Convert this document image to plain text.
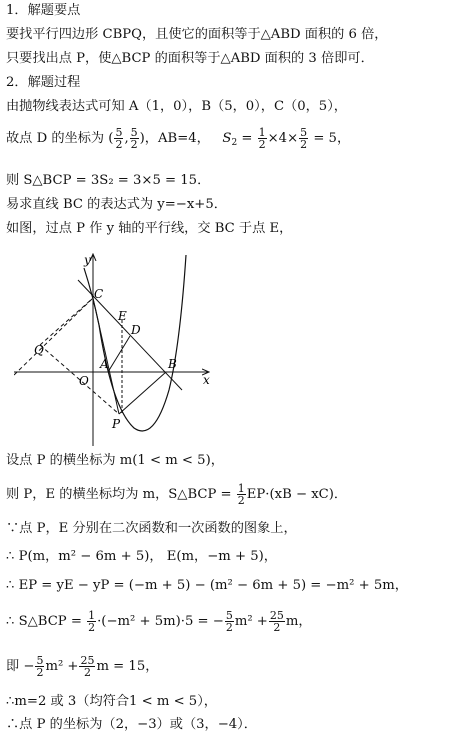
1．解题要点
要找平行四边形 CBPQ，且使它的面积等于△ABD 面积的 6 倍，
只要找出点 P，使△BCP 的面积等于△ABD 面积的 3 倍即可．
2．解题过程
由抛物线表达式可知 A（1，0），B（5，0），C（0，5），
故点 D 的坐标为 ( $\frac{5}{2}$ , $\frac{5}{2}$ )，AB=4， $S_2 = \frac{1}{2} \times 4\times \frac{5}{2} = 5$，
则 S△BCP = 3S₂ = 3×5 = 15．
易求直线 BC 的表达式为 y=−x+5．
如图，过点 P 作 y 轴的平行线，交 BC 于点 E，
y
x
C
E
D
Q
A
O
B
P
设点 P 的横坐标为 m(1 < m < 5)，
则 P，E 的横坐标均为 m，S△BCP = $\frac{1}{2} EP\cdot(xB - xC)$．
∵点 P，E 分别在二次函数和一次函数的图象上，
∴ P(m，m² − 6m + 5)， E(m，−m + 5)，
∴ EP = yE − yP = (−m + 5) − (m² − 6m + 5) = −m² + 5m，
∴ S△BCP = $\frac{1}{2} \cdot(-m^2 + 5m)\cdot 5$ = − $\frac{5}{2} m^2 + \frac{25}{2}$ m，
即 − $\frac{5}{2} m^2 + \frac{25}{2}$ m = 15，
∴m=2 或 3（均符合1 < m < 5），
∴点 P 的坐标为（2，−3）或（3，−4）．
